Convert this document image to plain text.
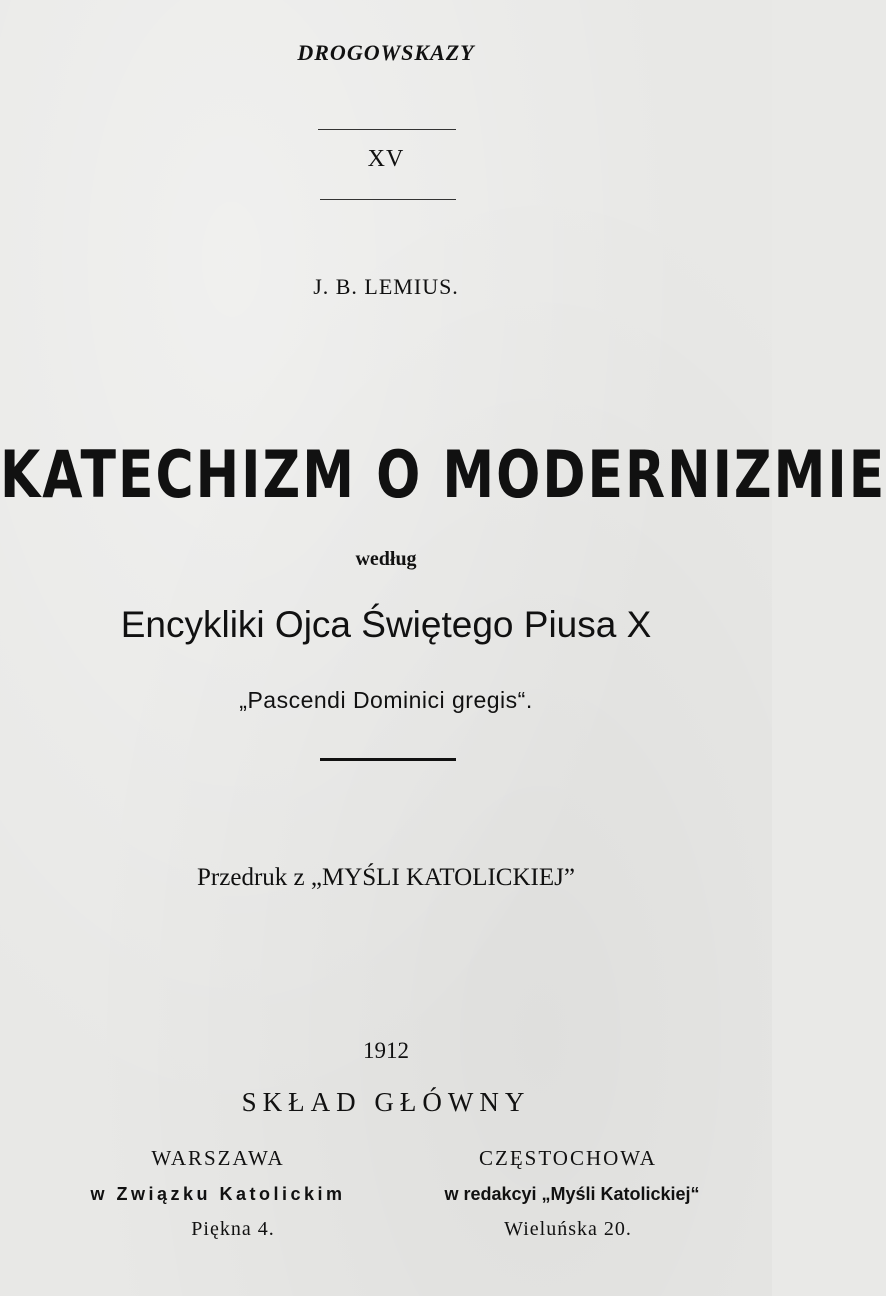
DROGOWSKAZY
XV
J. B. LEMIUS.
KATECHIZM O MODERNIZMIE
według
Encykliki Ojca Świętego Piusa X
„Pascendi Dominici gregis“.
Przedruk z „MYŚLI KATOLICKIEJ”
1912
SKŁAD GŁÓWNY
WARSZAWA
w Związku Katolickim
Piękna 4.
CZĘSTOCHOWA
w redakcyi „Myśli Katolickiej“
Wieluńska 20.
